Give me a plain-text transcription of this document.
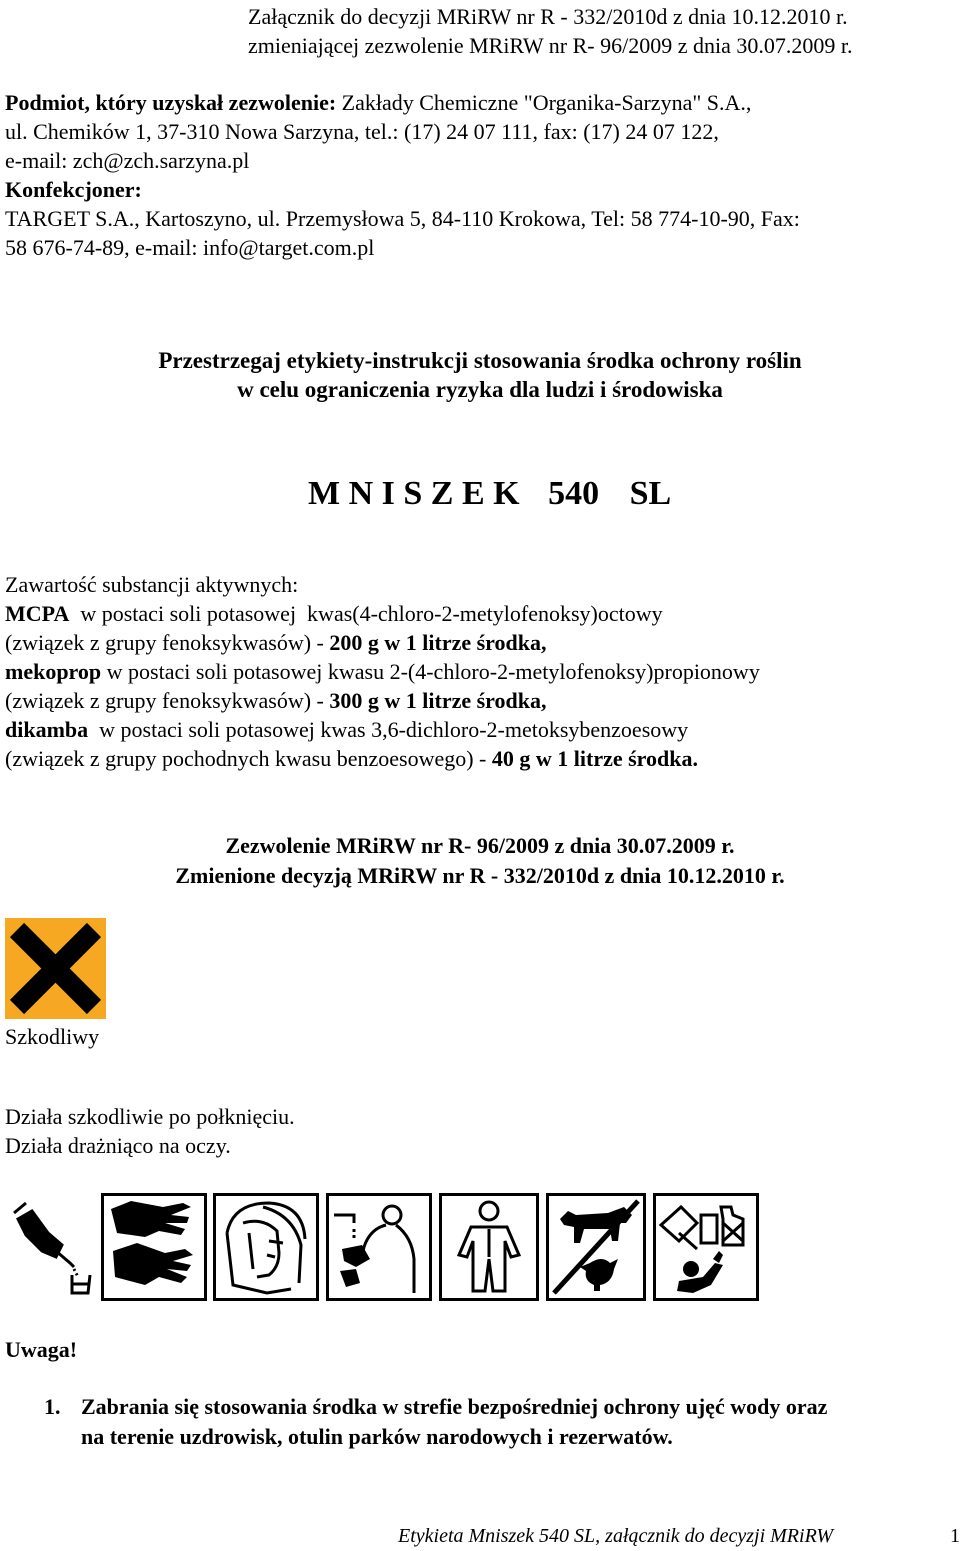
Załącznik do decyzji MRiRW nr R - 332/2010d z dnia 10.12.2010 r.
zmieniającej zezwolenie MRiRW nr R- 96/2009 z dnia 30.07.2009 r.
Podmiot, który uzyskał zezwolenie: Zakłady Chemiczne "Organika-Sarzyna" S.A.,
ul. Chemików 1, 37-310 Nowa Sarzyna, tel.: (17) 24 07 111, fax: (17) 24 07 122,
e-mail: zch@zch.sarzyna.pl
Konfekcjoner:
TARGET S.A., Kartoszyno, ul. Przemysłowa 5, 84-110 Krokowa, Tel: 58 774-10-90, Fax:
58 676-74-89, e-mail: info@target.com.pl
Przestrzegaj etykiety-instrukcji stosowania środka ochrony roślin
w celu ograniczenia ryzyka dla ludzi i środowiska
M N I S Z E K 540 SL
Zawartość substancji aktywnych:
MCPA  w postaci soli potasowej  kwas(4-chloro-2-metylofenoksy)octowy
(związek z grupy fenoksykwasów) - 200 g w 1 litrze środka,
mekoprop w postaci soli potasowej kwasu 2-(4-chloro-2-metylofenoksy)propionowy
(związek z grupy fenoksykwasów) - 300 g w 1 litrze środka,
dikamba  w postaci soli potasowej kwas 3,6-dichloro-2-metoksybenzoesowy
(związek z grupy pochodnych kwasu benzoesowego) - 40 g w 1 litrze środka.
Zezwolenie MRiRW nr R- 96/2009 z dnia 30.07.2009 r.
Zmienione decyzją MRiRW nr R - 332/2010d z dnia 10.12.2010 r.
Szkodliwy
Działa szkodliwie po połknięciu.
Działa drażniąco na oczy.
Uwaga!
1. Zabrania się stosowania środka w strefie bezpośredniej ochrony ujęć wody oraz
na terenie uzdrowisk, otulin parków narodowych i rezerwatów.
Etykieta Mniszek 540 SL, załącznik do decyzji MRiRW	1
